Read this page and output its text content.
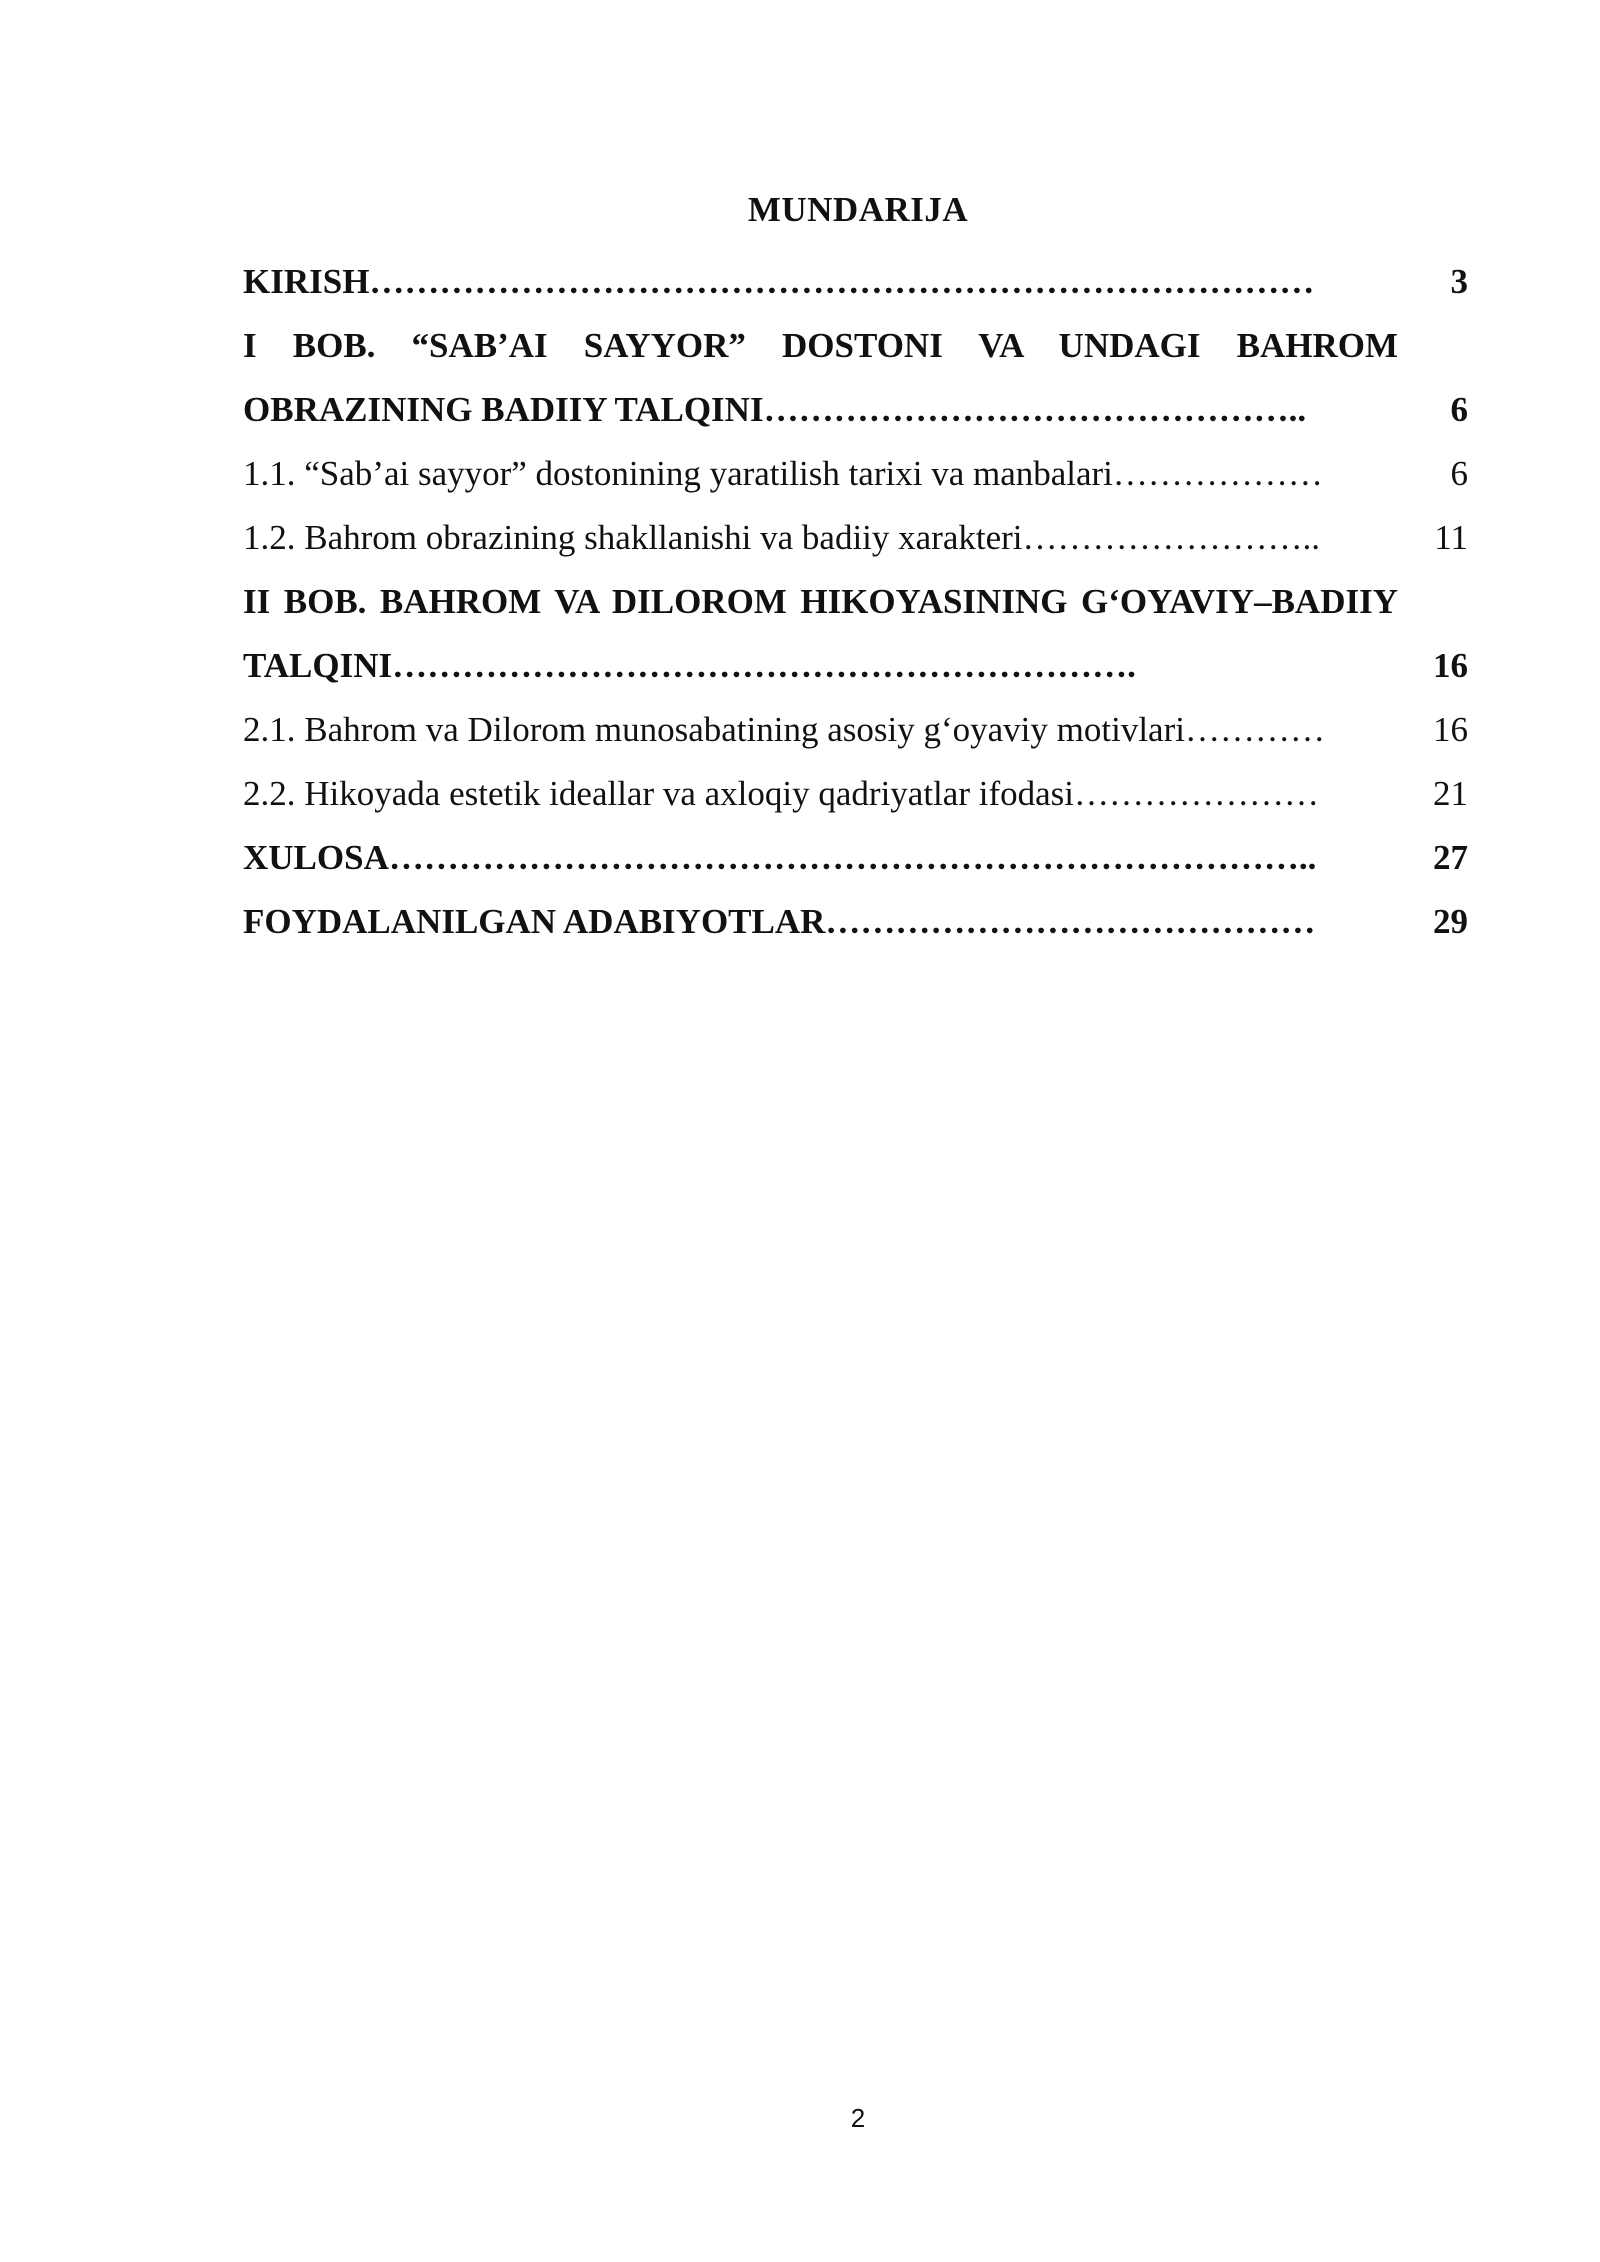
MUNDARIJA
KIRISH………………………………………………………………………	3
I BOB. “SAB’AI SAYYOR” DOSTONI VA UNDAGI BAHROM OBRAZINING BADIIY TALQINI………………………………………..	6
1.1. “Sab’ai sayyor” dostonining yaratilish tarixi va manbalari………………	6
1.2. Bahrom obrazining shakllanishi va badiiy xarakteri……………………..	11
II BOB. BAHROM VA DILOROM HIKOYASINING G‘OYAVIY–BADIIY TALQINI……………………………………………………….	16
2.1. Bahrom va Dilorom munosabatining asosiy g‘oyaviy motivlari…………	16
2.2. Hikoyada estetik ideallar va axloqiy qadriyatlar ifodasi…………………	21
XULOSA……………………………………………………………………..	27
FOYDALANILGAN ADABIYOTLAR……………………………………	29
2
